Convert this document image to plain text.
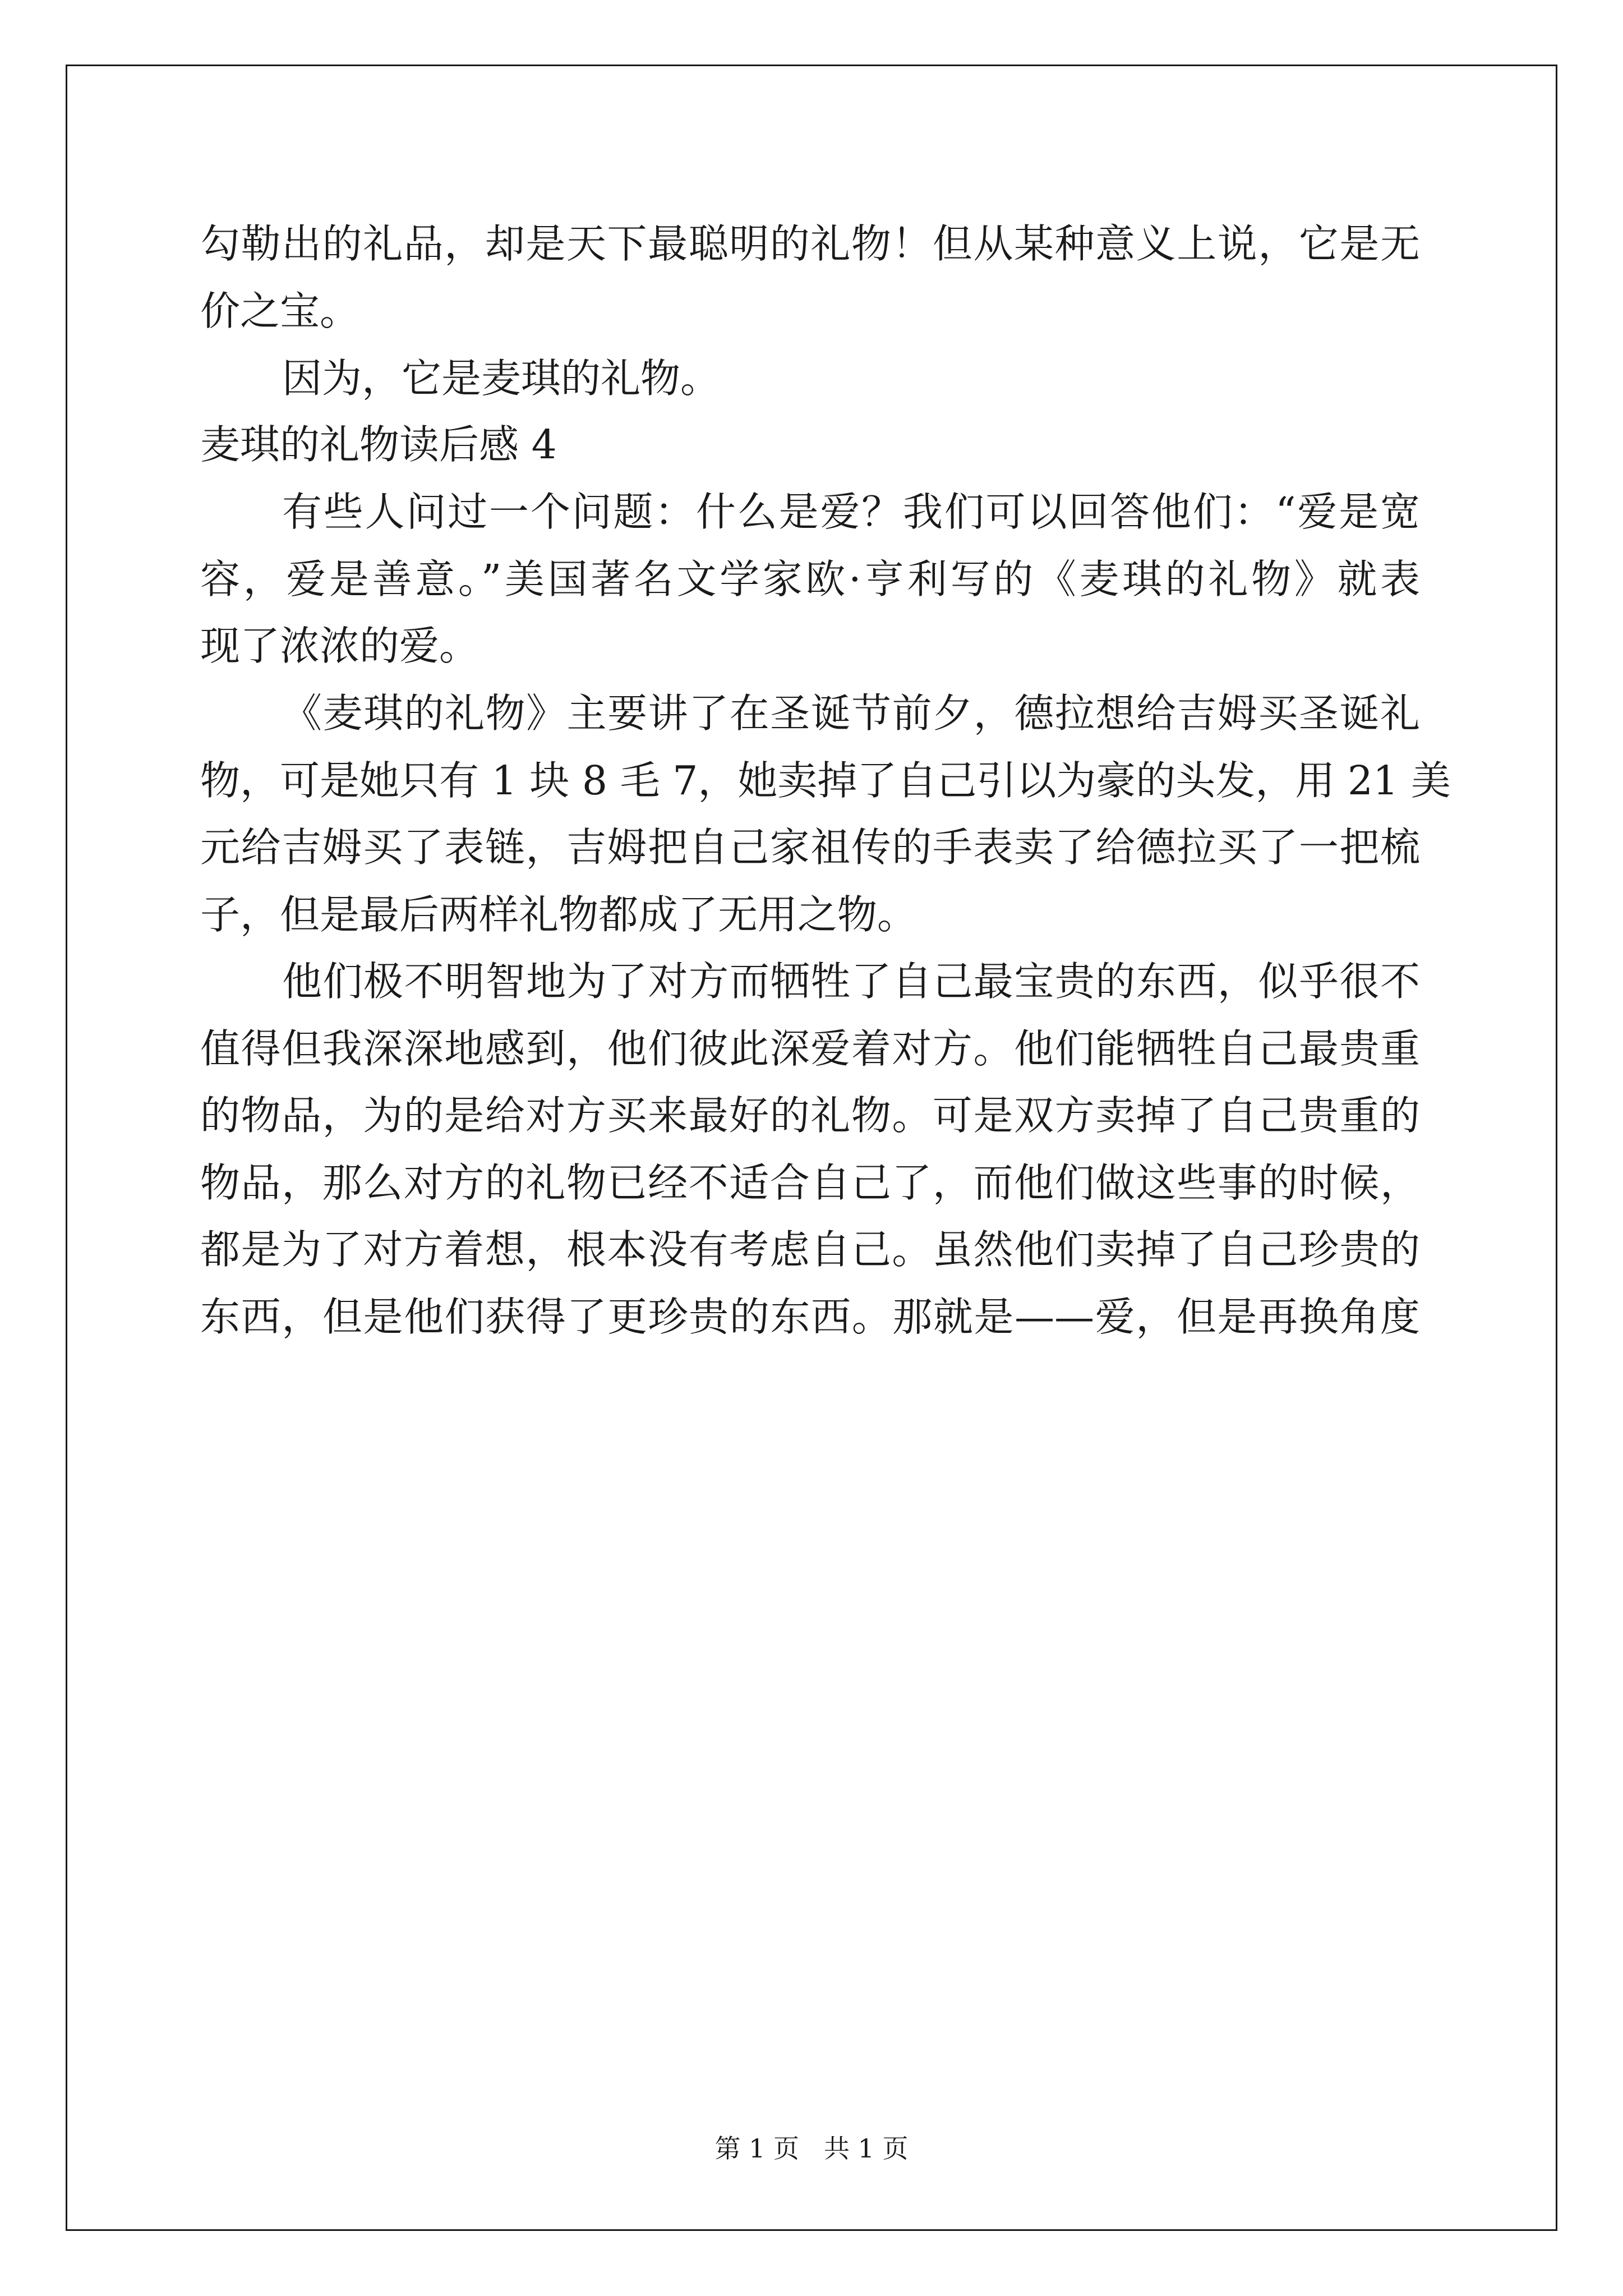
勾勒出的礼品，却是天下最聪明的礼物！但从某种意义上说，它是无
价之宝。
因为，它是麦琪的礼物。
麦琪的礼物读后感 4
有些人问过一个问题：什么是爱？我们可以回答他们：“爱是宽
容，爱是善意。”美国著名文学家欧·亨利写的《麦琪的礼物》就表
现了浓浓的爱。
《麦琪的礼物》主要讲了在圣诞节前夕，德拉想给吉姆买圣诞礼
物，可是她只有 1 块 8 毛 7，她卖掉了自己引以为豪的头发，用 21 美
元给吉姆买了表链，吉姆把自己家祖传的手表卖了给德拉买了一把梳
子，但是最后两样礼物都成了无用之物。
他们极不明智地为了对方而牺牲了自己最宝贵的东西，似乎很不
值得但我深深地感到，他们彼此深爱着对方。他们能牺牲自己最贵重
的物品，为的是给对方买来最好的礼物。可是双方卖掉了自己贵重的
物品，那么对方的礼物已经不适合自己了，而他们做这些事的时候，
都是为了对方着想，根本没有考虑自己。虽然他们卖掉了自己珍贵的
东西，但是他们获得了更珍贵的东西。那就是——爱，但是再换角度
第 1 页 共 1 页
